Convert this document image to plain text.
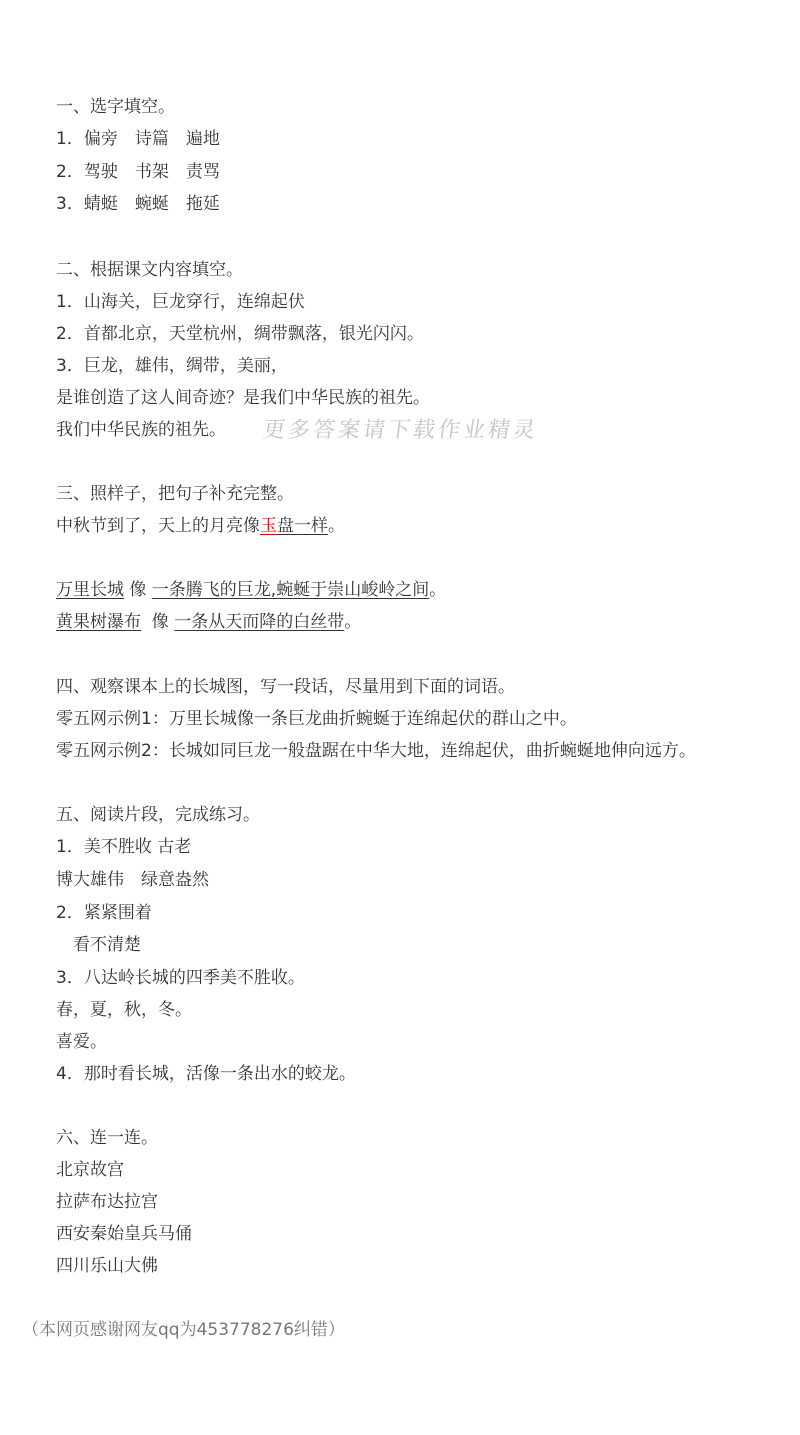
一、选字填空。
1．偏旁　诗篇　遍地
2．驾驶　书架　责骂
3．蜻蜓　蜿蜒　拖延
二、根据课文内容填空。
1．山海关，巨龙穿行，连绵起伏
2．首都北京，天堂杭州，绸带飘落，银光闪闪。
3．巨龙，雄伟，绸带，美丽，
是谁创造了这人间奇迹？是我们中华民族的祖先。
我们中华民族的祖先。 更多答案请下载作业精灵
三、照样子，把句子补充完整。
中秋节到了，天上的月亮像玉盘一样。
万里长城 像 一条腾飞的巨龙,蜿蜒于崇山峻岭之间。
黄果树瀑布  像 一条从天而降的白丝带。
四、观察课本上的长城图，写一段话，尽量用到下面的词语。
零五网示例1：万里长城像一条巨龙曲折蜿蜒于连绵起伏的群山之中。
零五网示例2：长城如同巨龙一般盘踞在中华大地，连绵起伏，曲折蜿蜒地伸向远方。
五、阅读片段，完成练习。
1．美不胜收 古老
博大雄伟　绿意盎然
2．紧紧围着
　看不清楚
3．八达岭长城的四季美不胜收。
春，夏，秋，冬。
喜爱。
4．那时看长城，活像一条出水的蛟龙。
六、连一连。
北京故宫
拉萨布达拉宫
西安秦始皇兵马俑
四川乐山大佛
（本网页感谢网友qq为453778276纠错）
